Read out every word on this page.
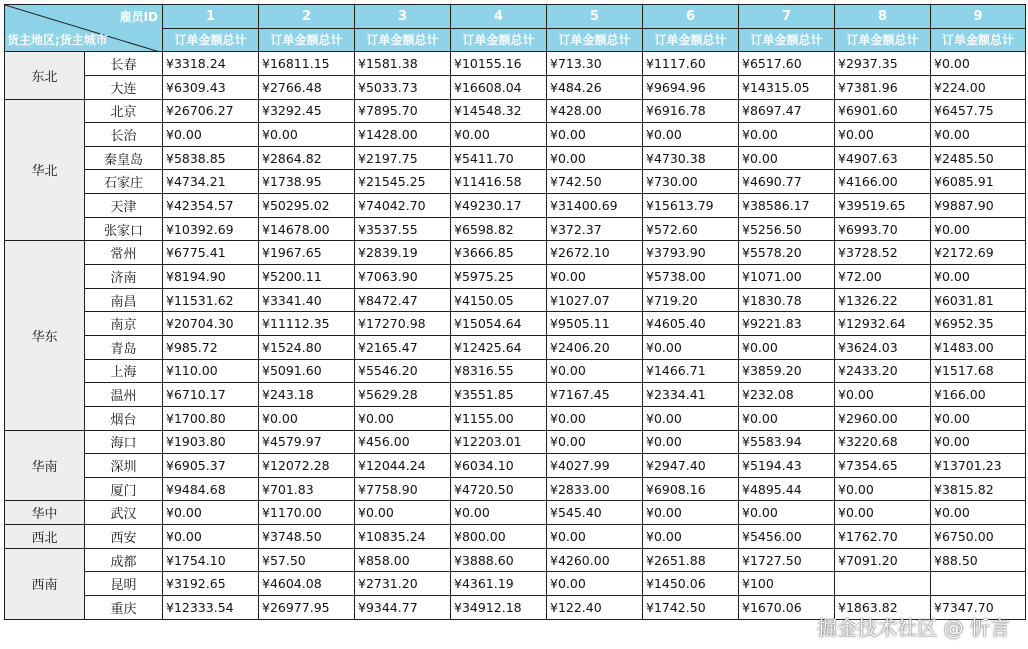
雇员ID
货主地区;货主城市		1	2	3	4	5	6	7	8	9
		订单金额总计	订单金额总计	订单金额总计	订单金额总计	订单金额总计	订单金额总计	订单金额总计	订单金额总计	订单金额总计
东北	长春	¥3318.24	¥16811.15	¥1581.38	¥10155.16	¥713.30	¥1117.60	¥6517.60	¥2937.35	¥0.00
	大连	¥6309.43	¥2766.48	¥5033.73	¥16608.04	¥484.26	¥9694.96	¥14315.05	¥7381.96	¥224.00
华北	北京	¥26706.27	¥3292.45	¥7895.70	¥14548.32	¥428.00	¥6916.78	¥8697.47	¥6901.60	¥6457.75
	长治	¥0.00	¥0.00	¥1428.00	¥0.00	¥0.00	¥0.00	¥0.00	¥0.00	¥0.00
	秦皇岛	¥5838.85	¥2864.82	¥2197.75	¥5411.70	¥0.00	¥4730.38	¥0.00	¥4907.63	¥2485.50
	石家庄	¥4734.21	¥1738.95	¥21545.25	¥11416.58	¥742.50	¥730.00	¥4690.77	¥4166.00	¥6085.91
	天津	¥42354.57	¥50295.02	¥74042.70	¥49230.17	¥31400.69	¥15613.79	¥38586.17	¥39519.65	¥9887.90
	张家口	¥10392.69	¥14678.00	¥3537.55	¥6598.82	¥372.37	¥572.60	¥5256.50	¥6993.70	¥0.00
华东	常州	¥6775.41	¥1967.65	¥2839.19	¥3666.85	¥2672.10	¥3793.90	¥5578.20	¥3728.52	¥2172.69
	济南	¥8194.90	¥5200.11	¥7063.90	¥5975.25	¥0.00	¥5738.00	¥1071.00	¥72.00	¥0.00
	南昌	¥11531.62	¥3341.40	¥8472.47	¥4150.05	¥1027.07	¥719.20	¥1830.78	¥1326.22	¥6031.81
	南京	¥20704.30	¥11112.35	¥17270.98	¥15054.64	¥9505.11	¥4605.40	¥9221.83	¥12932.64	¥6952.35
	青岛	¥985.72	¥1524.80	¥2165.47	¥12425.64	¥2406.20	¥0.00	¥0.00	¥3624.03	¥1483.00
	上海	¥110.00	¥5091.60	¥5546.20	¥8316.55	¥0.00	¥1466.71	¥3859.20	¥2433.20	¥1517.68
	温州	¥6710.17	¥243.18	¥5629.28	¥3551.85	¥7167.45	¥2334.41	¥232.08	¥0.00	¥166.00
	烟台	¥1700.80	¥0.00	¥0.00	¥1155.00	¥0.00	¥0.00	¥0.00	¥2960.00	¥0.00
华南	海口	¥1903.80	¥4579.97	¥456.00	¥12203.01	¥0.00	¥0.00	¥5583.94	¥3220.68	¥0.00
	深圳	¥6905.37	¥12072.28	¥12044.24	¥6034.10	¥4027.99	¥2947.40	¥5194.43	¥7354.65	¥13701.23
	厦门	¥9484.68	¥701.83	¥7758.90	¥4720.50	¥2833.00	¥6908.16	¥4895.44	¥0.00	¥3815.82
华中	武汉	¥0.00	¥1170.00	¥0.00	¥0.00	¥545.40	¥0.00	¥0.00	¥0.00	¥0.00
西北	西安	¥0.00	¥3748.50	¥10835.24	¥800.00	¥0.00	¥0.00	¥5456.00	¥1762.70	¥6750.00
西南	成都	¥1754.10	¥57.50	¥858.00	¥3888.60	¥4260.00	¥2651.88	¥1727.50	¥7091.20	¥88.50
	昆明	¥3192.65	¥4604.08	¥2731.20	¥4361.19	¥0.00	¥1450.06	¥100		
	重庆	¥12333.54	¥26977.95	¥9344.77	¥34912.18	¥122.40	¥1742.50	¥1670.06	¥1863.82	¥7347.70
掘金技术社区 @ 忻言
